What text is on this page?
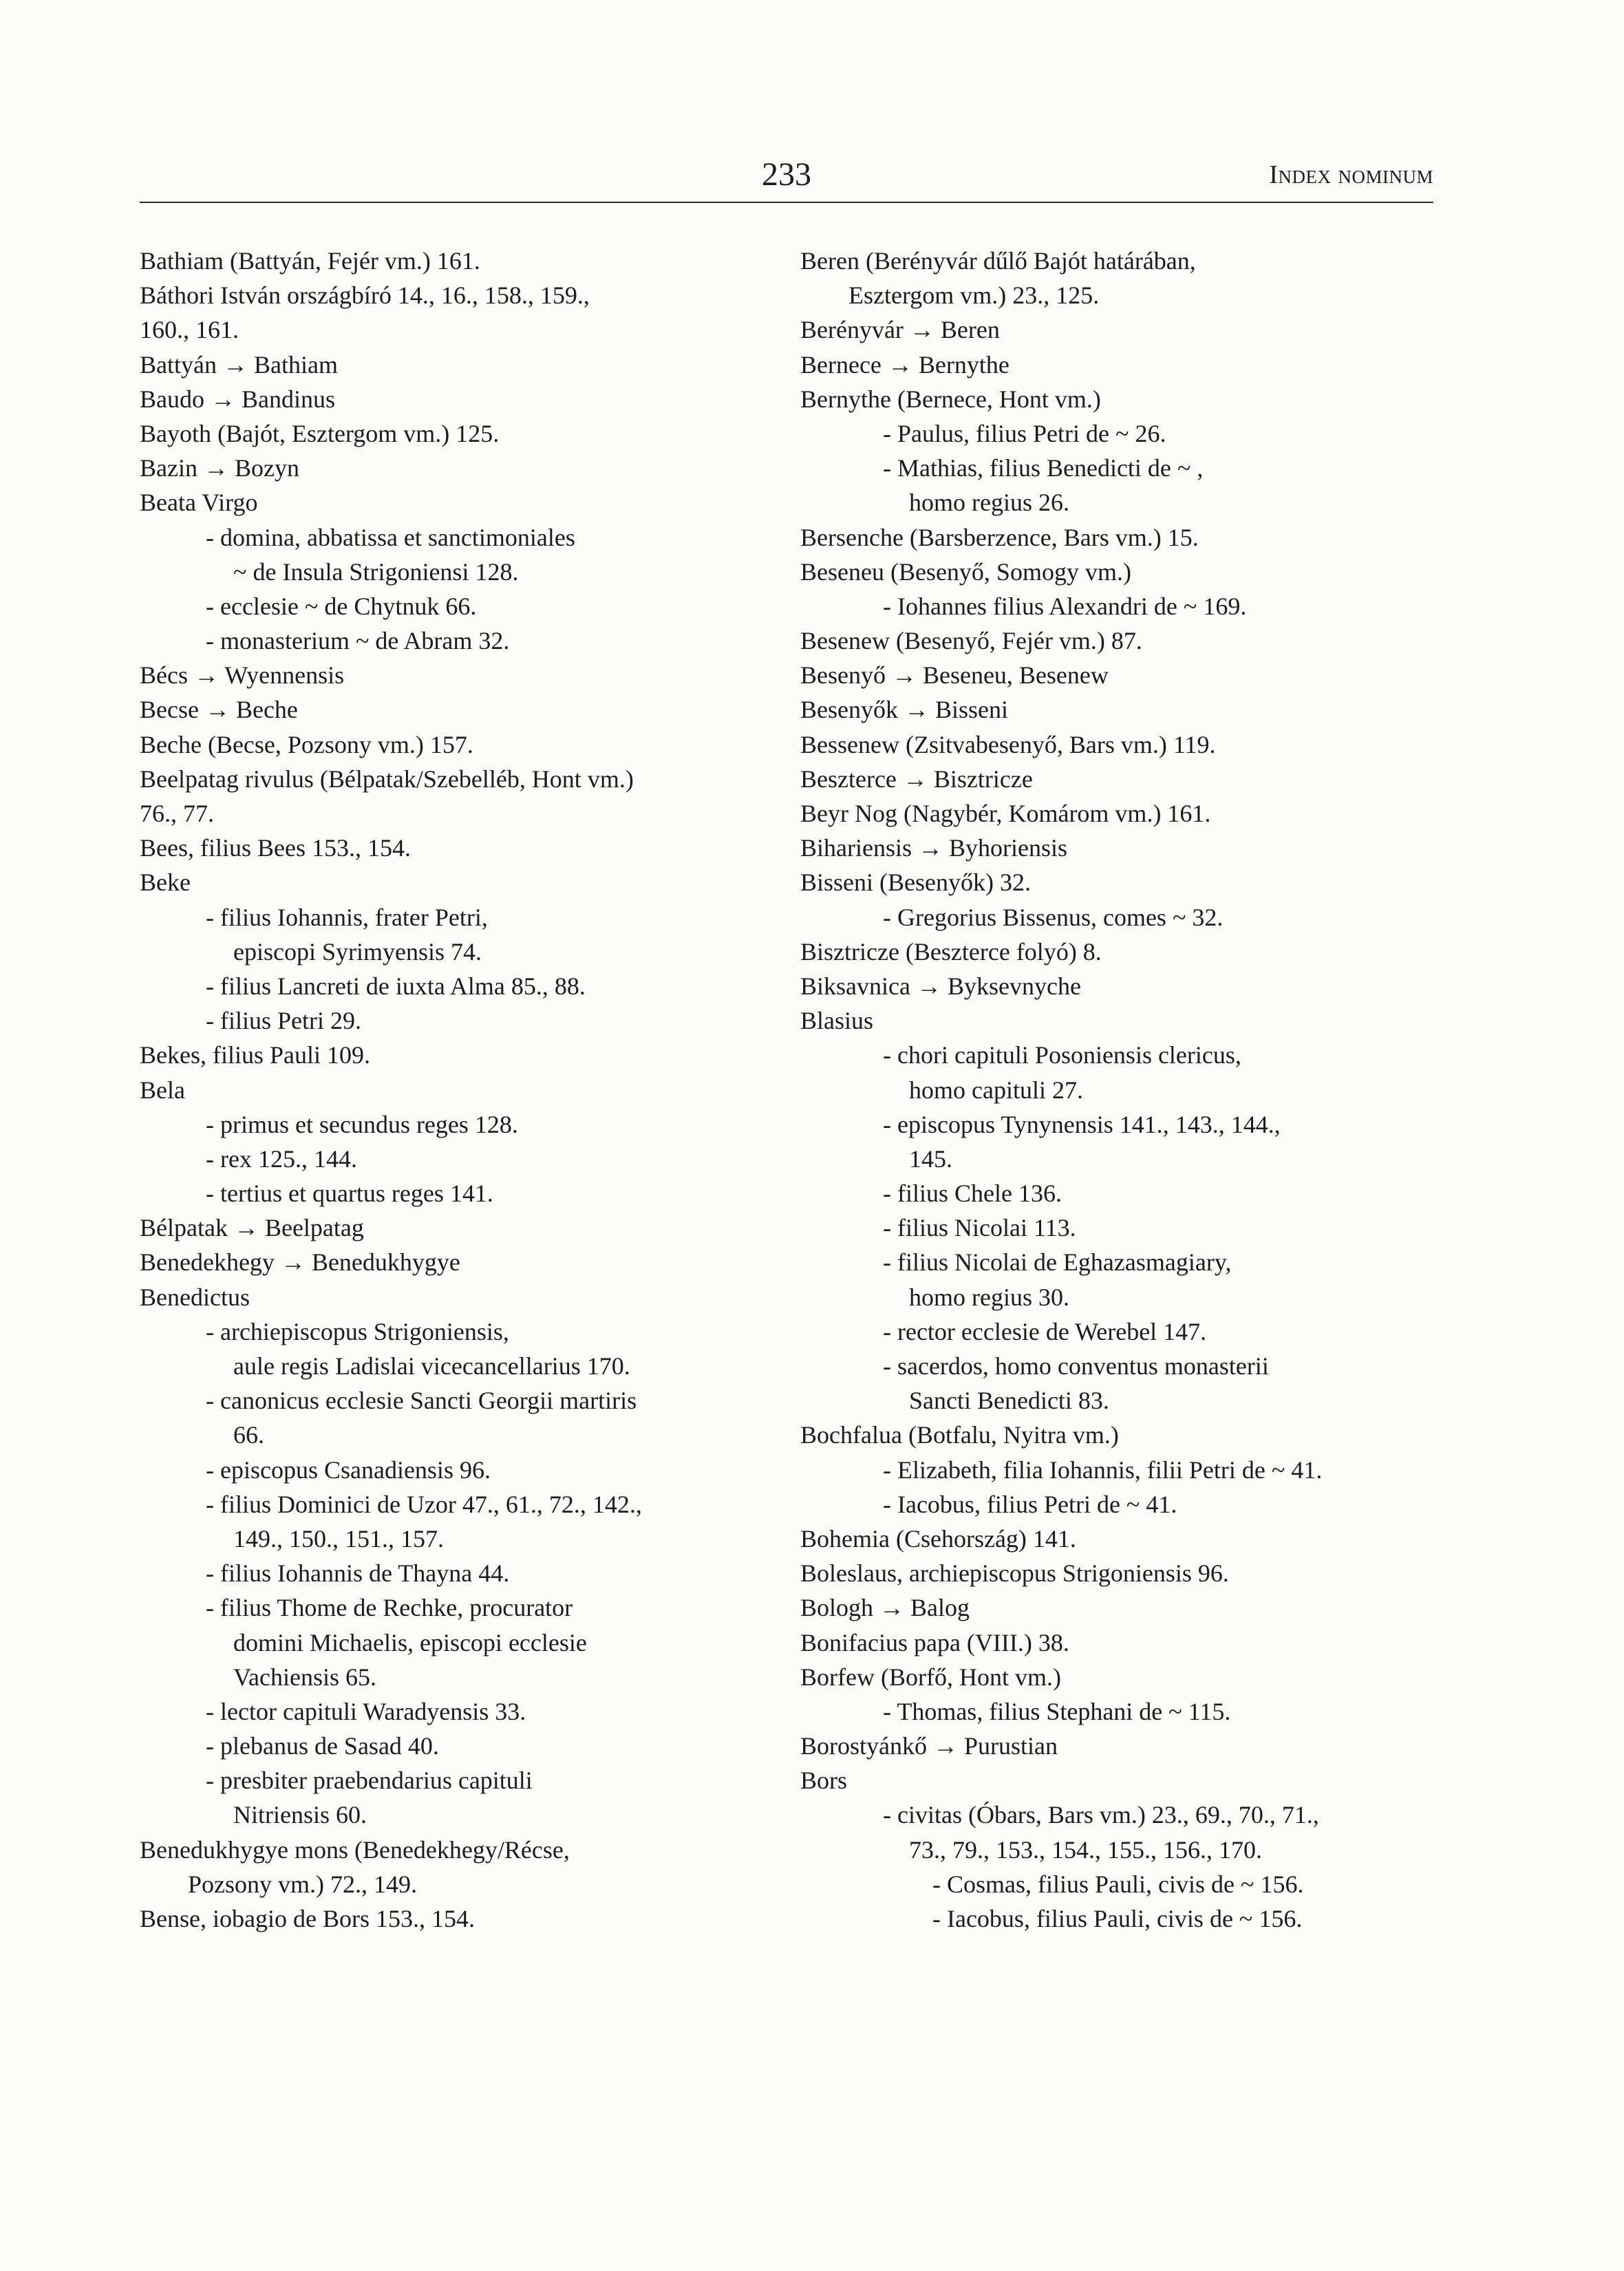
233	Index nominum
Bathiam (Battyán, Fejér vm.) 161.
Báthori István országbíró 14., 16., 158., 159.,
160., 161.
Battyán → Bathiam
Baudo → Bandinus
Bayoth (Bajót, Esztergom vm.) 125.
Bazin → Bozyn
Beata Virgo
- domina, abbatissa et sanctimoniales
~ de Insula Strigoniensi 128.
- ecclesie ~ de Chytnuk 66.
- monasterium ~ de Abram 32.
Bécs → Wyennensis
Becse → Beche
Beche (Becse, Pozsony vm.) 157.
Beelpatag rivulus (Bélpatak/Szebelléb, Hont vm.)
76., 77.
Bees, filius Bees 153., 154.
Beke
- filius Iohannis, frater Petri,
episcopi Syrimyensis 74.
- filius Lancreti de iuxta Alma 85., 88.
- filius Petri 29.
Bekes, filius Pauli 109.
Bela
- primus et secundus reges 128.
- rex 125., 144.
- tertius et quartus reges 141.
Bélpatak → Beelpatag
Benedekhegy → Benedukhygye
Benedictus
- archiepiscopus Strigoniensis,
aule regis Ladislai vicecancellarius 170.
- canonicus ecclesie Sancti Georgii martiris
66.
- episcopus Csanadiensis 96.
- filius Dominici de Uzor 47., 61., 72., 142.,
149., 150., 151., 157.
- filius Iohannis de Thayna 44.
- filius Thome de Rechke, procurator
domini Michaelis, episcopi ecclesie
Vachiensis 65.
- lector capituli Waradyensis 33.
- plebanus de Sasad 40.
- presbiter praebendarius capituli
Nitriensis 60.
Benedukhygye mons (Benedekhegy/Récse,
Pozsony vm.) 72., 149.
Bense, iobagio de Bors 153., 154.
Beren (Berényvár dűlő Bajót határában,
Esztergom vm.) 23., 125.
Berényvár → Beren
Bernece → Bernythe
Bernythe (Bernece, Hont vm.)
- Paulus, filius Petri de ~ 26.
- Mathias, filius Benedicti de ~ ,
homo regius 26.
Bersenche (Barsberzence, Bars vm.) 15.
Beseneu (Besenyő, Somogy vm.)
- Iohannes filius Alexandri de ~ 169.
Besenew (Besenyő, Fejér vm.) 87.
Besenyő → Beseneu, Besenew
Besenyők → Bisseni
Bessenew (Zsitvabesenyő, Bars vm.) 119.
Beszterce → Bisztricze
Beyr Nog (Nagybér, Komárom vm.) 161.
Bihariensis → Byhoriensis
Bisseni (Besenyők) 32.
- Gregorius Bissenus, comes ~ 32.
Bisztricze (Beszterce folyó) 8.
Biksavnica → Byksevnyche
Blasius
- chori capituli Posoniensis clericus,
homo capituli 27.
- episcopus Tynynensis 141., 143., 144.,
145.
- filius Chele 136.
- filius Nicolai 113.
- filius Nicolai de Eghazasmagiary,
homo regius 30.
- rector ecclesie de Werebel 147.
- sacerdos, homo conventus monasterii
Sancti Benedicti 83.
Bochfalua (Botfalu, Nyitra vm.)
- Elizabeth, filia Iohannis, filii Petri de ~ 41.
- Iacobus, filius Petri de ~ 41.
Bohemia (Csehország) 141.
Boleslaus, archiepiscopus Strigoniensis 96.
Bologh → Balog
Bonifacius papa (VIII.) 38.
Borfew (Borfő, Hont vm.)
- Thomas, filius Stephani de ~ 115.
Borostyánkő → Purustian
Bors
- civitas (Óbars, Bars vm.) 23., 69., 70., 71.,
73., 79., 153., 154., 155., 156., 170.
- Cosmas, filius Pauli, civis de ~ 156.
- Iacobus, filius Pauli, civis de ~ 156.
